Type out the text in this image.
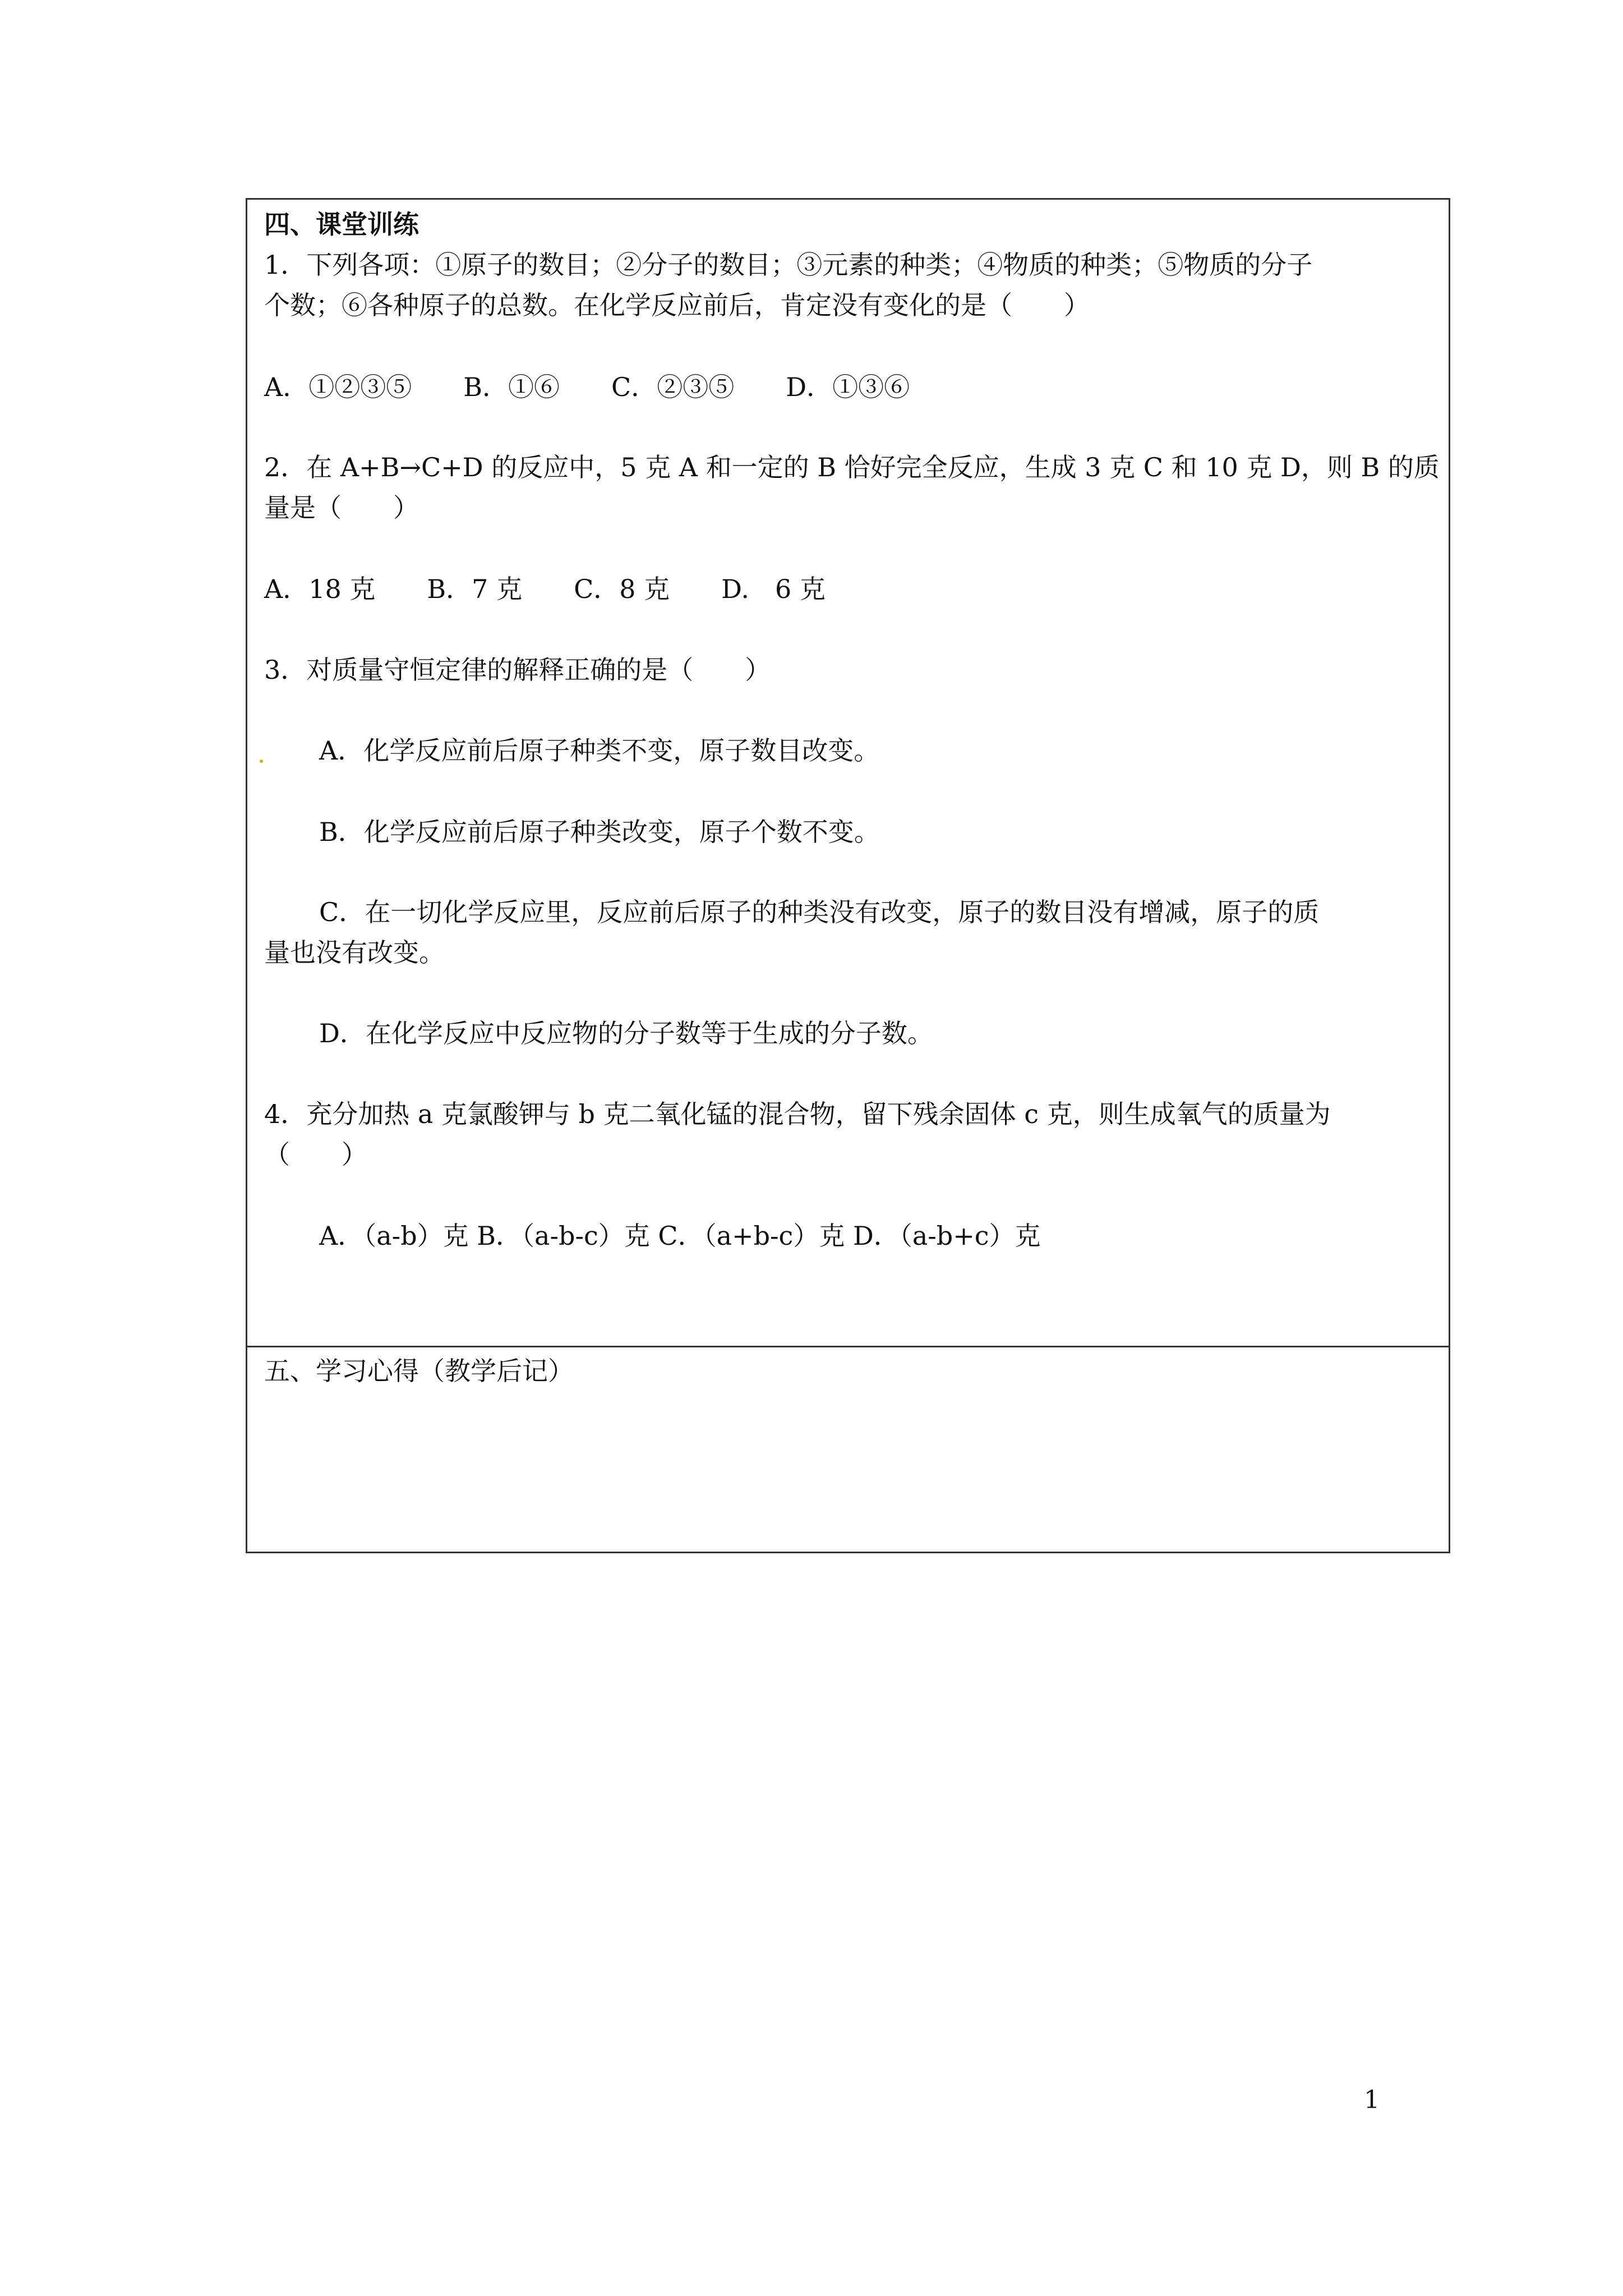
四、课堂训练
1．下列各项：①原子的数目；②分子的数目；③元素的种类；④物质的种类；⑤物质的分子
个数；⑥各种原子的总数。在化学反应前后，肯定没有变化的是（　　）
A．①②③⑤　　B．①⑥　　C．②③⑤　　D．①③⑥
2．在 A+B→C+D 的反应中，5 克 A 和一定的 B 恰好完全反应，生成 3 克 C 和 10 克 D，则 B 的质
量是（　　）
A．18 克　　B．7 克　　C．8 克　　D.　6 克
3．对质量守恒定律的解释正确的是（　　）
A．化学反应前后原子种类不变，原子数目改变。
B．化学反应前后原子种类改变，原子个数不变。
C．在一切化学反应里，反应前后原子的种类没有改变，原子的数目没有增减，原子的质
量也没有改变。
D．在化学反应中反应物的分子数等于生成的分子数。
4．充分加热 a 克氯酸钾与 b 克二氧化锰的混合物，留下残余固体 c 克，则生成氧气的质量为
（　　）
A．（a-b）克 B．（a-b-c）克 C．（a+b-c）克 D．（a-b+c）克
五、学习心得（教学后记）
1
